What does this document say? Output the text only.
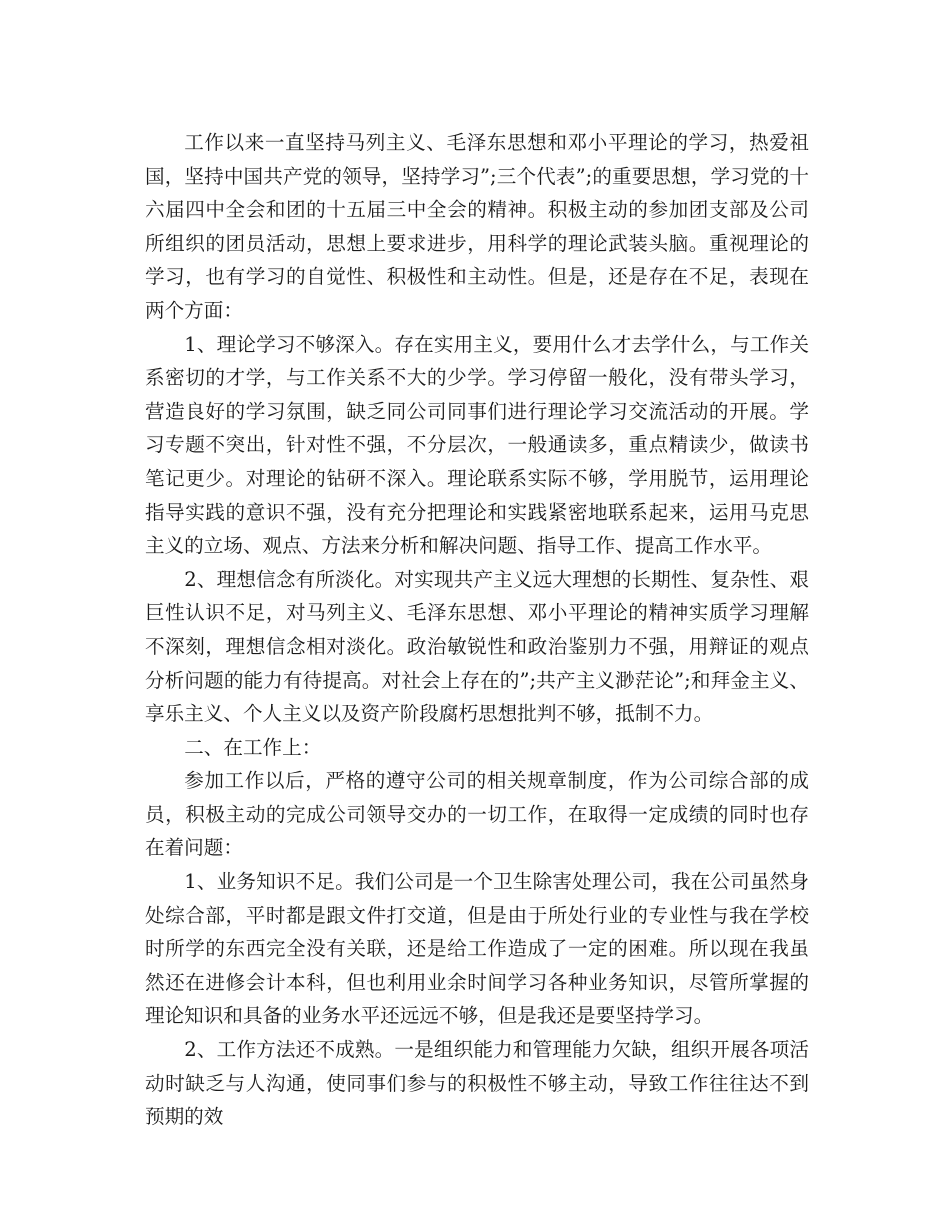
工作以来一直坚持马列主义、毛泽东思想和邓小平理论的学习，热爱祖国，坚持中国共产党的领导，坚持学习”;三个代表”;的重要思想，学习党的十六届四中全会和团的十五届三中全会的精神。积极主动的参加团支部及公司所组织的团员活动，思想上要求进步，用科学的理论武装头脑。重视理论的学习，也有学习的自觉性、积极性和主动性。但是，还是存在不足，表现在两个方面：

1、理论学习不够深入。存在实用主义，要用什么才去学什么，与工作关系密切的才学，与工作关系不大的少学。学习停留一般化，没有带头学习，营造良好的学习氛围，缺乏同公司同事们进行理论学习交流活动的开展。学习专题不突出，针对性不强，不分层次，一般通读多，重点精读少，做读书笔记更少。对理论的钻研不深入。理论联系实际不够，学用脱节，运用理论指导实践的意识不强，没有充分把理论和实践紧密地联系起来，运用马克思主义的立场、观点、方法来分析和解决问题、指导工作、提高工作水平。

2、理想信念有所淡化。对实现共产主义远大理想的长期性、复杂性、艰巨性认识不足，对马列主义、毛泽东思想、邓小平理论的精神实质学习理解不深刻，理想信念相对淡化。政治敏锐性和政治鉴别力不强，用辩证的观点分析问题的能力有待提高。对社会上存在的”;共产主义渺茫论”;和拜金主义、享乐主义、个人主义以及资产阶段腐朽思想批判不够，抵制不力。

二、在工作上：

参加工作以后，严格的遵守公司的相关规章制度，作为公司综合部的成员，积极主动的完成公司领导交办的一切工作，在取得一定成绩的同时也存在着问题：

1、业务知识不足。我们公司是一个卫生除害处理公司，我在公司虽然身处综合部，平时都是跟文件打交道，但是由于所处行业的专业性与我在学校时所学的东西完全没有关联，还是给工作造成了一定的困难。所以现在我虽然还在进修会计本科，但也利用业余时间学习各种业务知识，尽管所掌握的理论知识和具备的业务水平还远远不够，但是我还是要坚持学习。

2、工作方法还不成熟。一是组织能力和管理能力欠缺，组织开展各项活动时缺乏与人沟通，使同事们参与的积极性不够主动，导致工作往往达不到预期的效
